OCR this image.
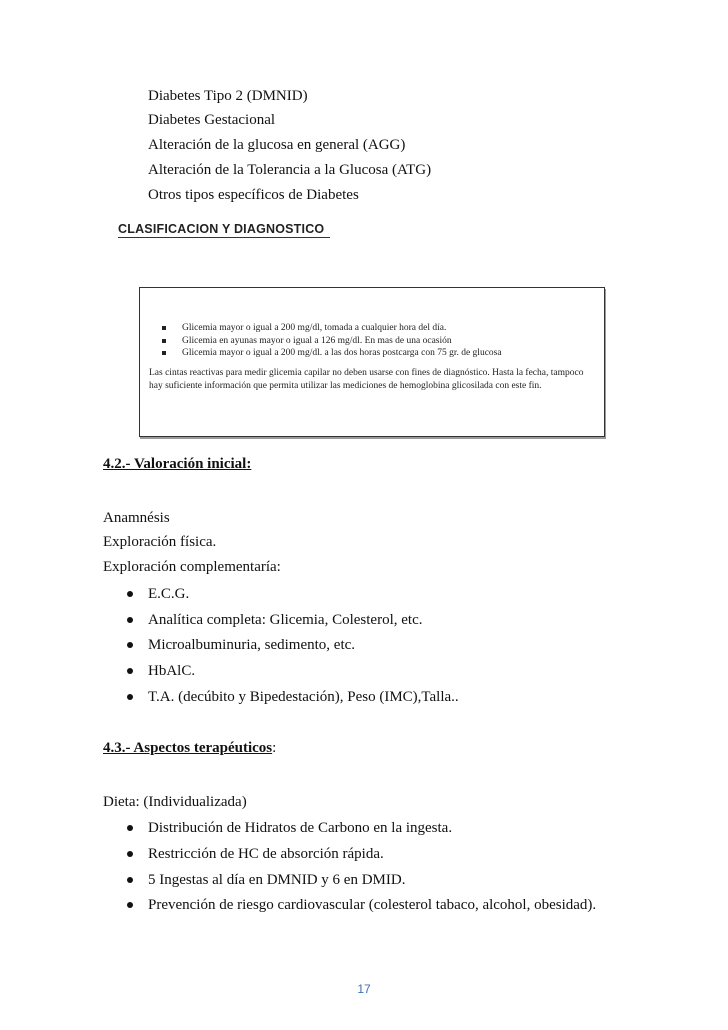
Diabetes Tipo 2 (DMNID)
Diabetes Gestacional
Alteración de la glucosa en general (AGG)
Alteración de la Tolerancia a la Glucosa (ATG)
Otros tipos específicos de Diabetes
CLASIFICACION Y DIAGNOSTICO
Glicemia mayor o igual a 200 mg/dl, tomada a cualquier hora del día.
Glicemia en ayunas mayor o igual a 126 mg/dl. En mas de una ocasión
Glicemia mayor o igual a 200 mg/dl. a las dos horas postcarga con 75 gr. de glucosa
Las cintas reactivas para medir glicemia capilar no deben usarse con fines de diagnóstico. Hasta la fecha, tampoco hay suficiente información que permita utilizar las mediciones de hemoglobina glicosilada con este fin.
4.2.- Valoración inicial:
Anamnésis
Exploración física.
Exploración complementaría:
E.C.G.
Analítica completa: Glicemia, Colesterol, etc.
Microalbuminuria, sedimento, etc.
HbAlC.
T.A. (decúbito y Bipedestación), Peso (IMC),Talla..
4.3.- Aspectos terapéuticos:
Dieta: (Individualizada)
Distribución de Hidratos de Carbono en la ingesta.
Restricción de HC de absorción rápida.
5 Ingestas al día en DMNID y 6 en DMID.
Prevención de riesgo cardiovascular (colesterol tabaco, alcohol, obesidad).
17
